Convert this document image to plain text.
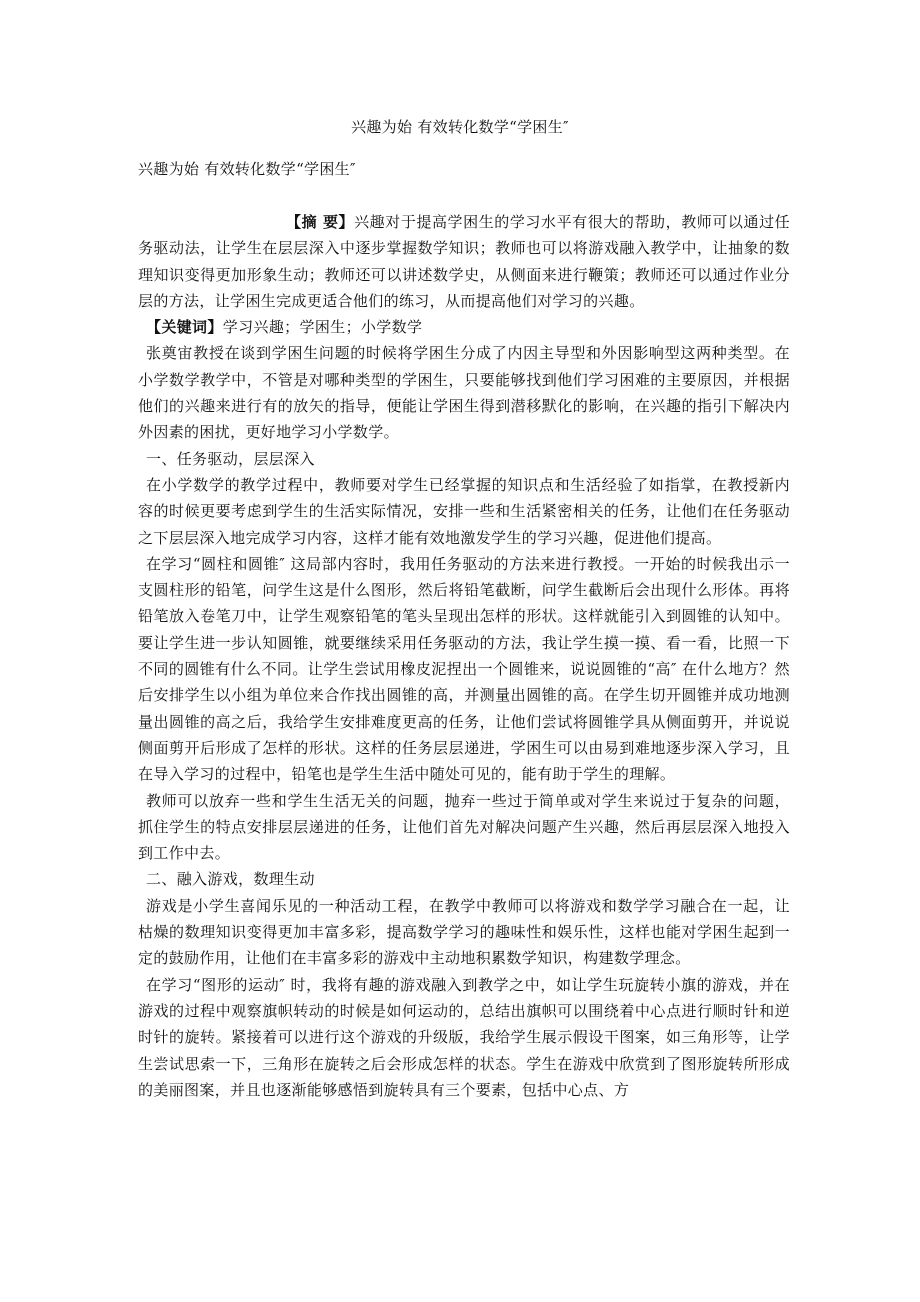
兴趣为始 有效转化数学“学困生″
兴趣为始 有效转化数学“学困生″

【摘 要】兴趣对于提高学困生的学习水平有很大的帮助，教师可以通过任务驱动法，让学生在层层深入中逐步掌握数学知识；教师也可以将游戏融入教学中，让抽象的数理知识变得更加形象生动；教师还可以讲述数学史，从侧面来进行鞭策；教师还可以通过作业分层的方法，让学困生完成更适合他们的练习，从而提高他们对学习的兴趣。

【关键词】学习兴趣；学困生；小学数学

张奠宙教授在谈到学困生问题的时候将学困生分成了内因主导型和外因影响型这两种类型。在小学数学教学中，不管是对哪种类型的学困生，只要能够找到他们学习困难的主要原因，并根据他们的兴趣来进行有的放矢的指导，便能让学困生得到潜移默化的影响，在兴趣的指引下解决内外因素的困扰，更好地学习小学数学。

一、任务驱动，层层深入

在小学数学的教学过程中，教师要对学生已经掌握的知识点和生活经验了如指掌，在教授新内容的时候更要考虑到学生的生活实际情况，安排一些和生活紧密相关的任务，让他们在任务驱动之下层层深入地完成学习内容，这样才能有效地激发学生的学习兴趣，促进他们提高。

在学习“圆柱和圆锥″ 这局部内容时，我用任务驱动的方法来进行教授。一开始的时候我出示一支圆柱形的铅笔，问学生这是什么图形，然后将铅笔截断，问学生截断后会出现什么形体。再将铅笔放入卷笔刀中，让学生观察铅笔的笔头呈现出怎样的形状。这样就能引入到圆锥的认知中。要让学生进一步认知圆锥，就要继续采用任务驱动的方法，我让学生摸一摸、看一看，比照一下不同的圆锥有什么不同。让学生尝试用橡皮泥捏出一个圆锥来，说说圆锥的“高″ 在什么地方？然后安排学生以小组为单位来合作找出圆锥的高，并测量出圆锥的高。在学生切开圆锥并成功地测量出圆锥的高之后，我给学生安排难度更高的任务，让他们尝试将圆锥学具从侧面剪开，并说说侧面剪开后形成了怎样的形状。这样的任务层层递进，学困生可以由易到难地逐步深入学习，且在导入学习的过程中，铅笔也是学生生活中随处可见的，能有助于学生的理解。

教师可以放弃一些和学生生活无关的问题，抛弃一些过于简单或对学生来说过于复杂的问题，抓住学生的特点安排层层递进的任务，让他们首先对解决问题产生兴趣，然后再层层深入地投入到工作中去。

二、融入游戏，数理生动

游戏是小学生喜闻乐见的一种活动工程，在教学中教师可以将游戏和数学学习融合在一起，让枯燥的数理知识变得更加丰富多彩，提高数学学习的趣味性和娱乐性，这样也能对学困生起到一定的鼓励作用，让他们在丰富多彩的游戏中主动地积累数学知识，构建数学理念。

在学习“图形的运动″ 时，我将有趣的游戏融入到教学之中，如让学生玩旋转小旗的游戏，并在游戏的过程中观察旗帜转动的时候是如何运动的，总结出旗帜可以围绕着中心点进行顺时针和逆时针的旋转。紧接着可以进行这个游戏的升级版，我给学生展示假设干图案，如三角形等，让学生尝试思索一下，三角形在旋转之后会形成怎样的状态。学生在游戏中欣赏到了图形旋转所形成的美丽图案，并且也逐渐能够感悟到旋转具有三个要素，包括中心点、方
